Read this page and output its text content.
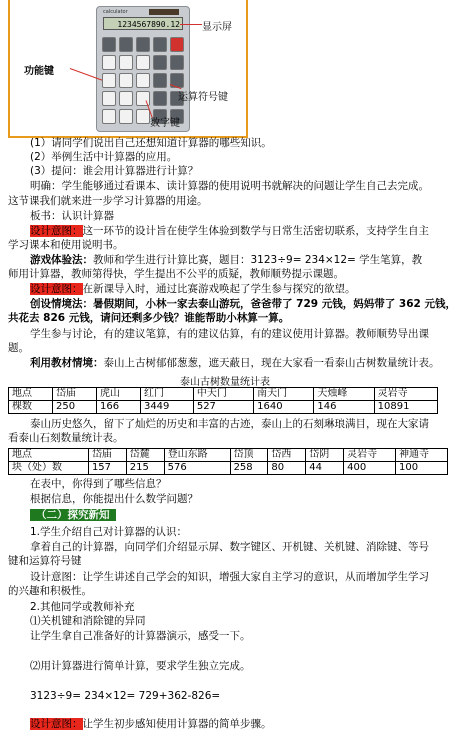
calculator
1234567890.12
功能键
显示屏
运算符号键
数字键
(1）请同学们说出自己还想知道计算器的哪些知识。
(2）举例生活中计算器的应用。
(3）提问：谁会用计算器进行计算？
明确：学生能够通过看课本、读计算器的使用说明书就解决的问题让学生自己去完成。
这节课我们就来进一步学习计算器的用途。
板书：认识计算器
设计意图：这一环节的设计旨在使学生体验到数学与日常生活密切联系，支持学生自主
学习课本和使用说明书。
游戏体验法：教师和学生进行计算比赛，题目：3123÷9= 234×12= 学生笔算，教
师用计算器，教师第得快，学生提出不公平的质疑，教师顺势提示课题。
设计意图：在新课导入时，通过比赛游戏唤起了学生参与探究的欲望。
创设情境法：暑假期间，小林一家去泰山游玩，爸爸带了 729 元钱，妈妈带了 362 元钱，
共花去 826 元钱，请问还剩多少钱？谁能帮助小林算一算。
学生参与讨论，有的建议笔算，有的建议估算，有的建议使用计算器。教师顺势导出课
题。
利用教材情境：泰山上古树郁郁葱葱，遮天蔽日，现在大家看一看泰山古树数量统计表。
泰山古树数量统计表
地点	岱庙	虎山	红门	中天门	南天门	天烛峰	灵岩寺
棵数	250	166	3449	527	1640	146	10891
泰山历史悠久，留下了灿烂的历史和丰富的古迹，泰山上的石刻琳琅满目，现在大家请
看泰山石刻数量统计表。
地点	岱庙	岱麓	登山东路	岱顶	岱西	岱阴	灵岩寺	神通寺
块（处）数	157	215	576	258	80	44	400	100
在表中，你得到了哪些信息？
根据信息，你能提出什么数学问题？
（二）探究新知
1.学生介绍自己对计算器的认识：
拿着自己的计算器，向同学们介绍显示屏、数字键区、开机键、关机键、消除键、等号
键和运算符号键
设计意图：让学生讲述自己学会的知识，增强大家自主学习的意识，从而增加学生学习
的兴趣和积极性。
2.其他同学或教师补充
⑴关机键和消除键的异同
让学生拿自己准备好的计算器演示，感受一下。
⑵用计算器进行简单计算，要求学生独立完成。
3123÷9= 234×12= 729+362-826=
设计意图：让学生初步感知使用计算器的简单步骤。
